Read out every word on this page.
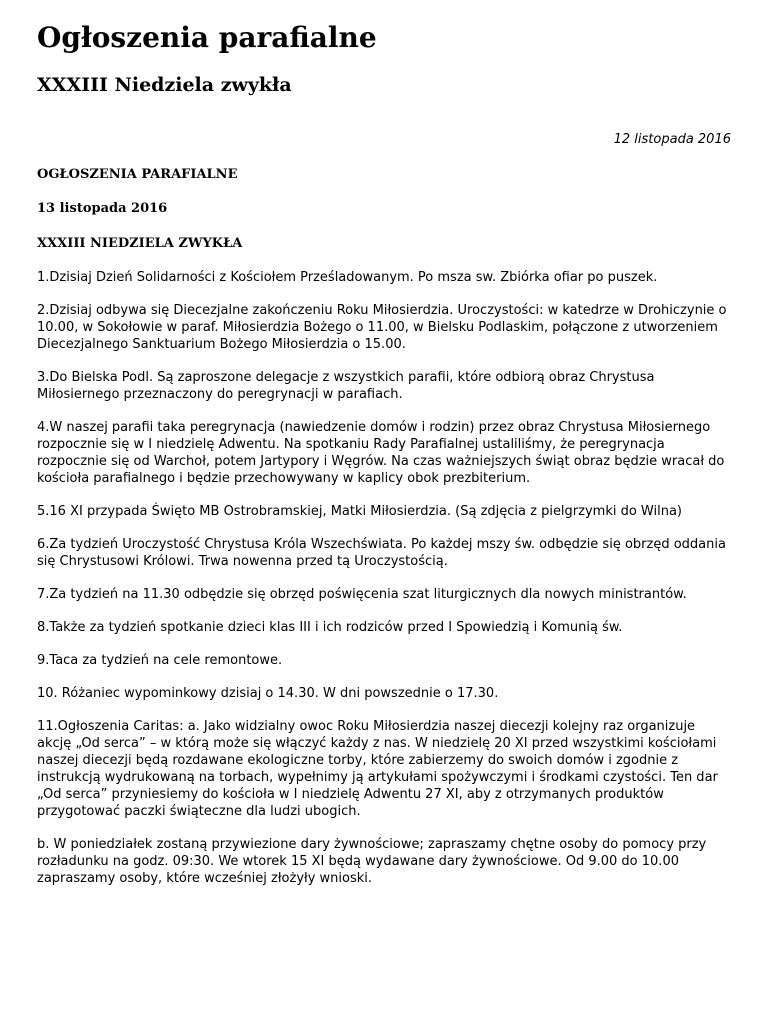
Ogłoszenia parafialne
XXXIII Niedziela zwykła
12 listopada 2016

OGŁOSZENIA PARAFIALNE

13 listopada 2016

XXXIII NIEDZIELA ZWYKŁA

1.Dzisiaj Dzień Solidarności z Kościołem Prześladowanym. Po msza sw. Zbiórka ofiar po puszek.

2.Dzisiaj odbywa się Diecezjalne zakończeniu Roku Miłosierdzia. Uroczystości: w katedrze w Drohiczynie o 10.00, w Sokołowie w paraf. Miłosierdzia Bożego o 11.00, w Bielsku Podlaskim, połączone z utworzeniem Diecezjalnego Sanktuarium Bożego Miłosierdzia o 15.00.

3.Do Bielska Podl. Są zaproszone delegacje z wszystkich parafii, które odbiorą obraz Chrystusa Miłosiernego przeznaczony do peregrynacji w parafiach.

4.W naszej parafii taka peregrynacja (nawiedzenie domów i rodzin) przez obraz Chrystusa Miłosiernego rozpocznie się w I niedzielę Adwentu. Na spotkaniu Rady Parafialnej ustaliliśmy, że peregrynacja rozpocznie się od Warchoł, potem Jartypory i Węgrów. Na czas ważniejszych świąt obraz będzie wracał do kościoła parafialnego i będzie przechowywany w kaplicy obok prezbiterium.

5.16 XI przypada Święto MB Ostrobramskiej, Matki Miłosierdzia. (Są zdjęcia z pielgrzymki do Wilna)

6.Za tydzień Uroczystość Chrystusa Króla Wszechświata. Po każdej mszy św. odbędzie się obrzęd oddania się Chrystusowi Królowi. Trwa nowenna przed tą Uroczystością.

7.Za tydzień na 11.30 odbędzie się obrzęd poświęcenia szat liturgicznych dla nowych ministrantów.

8.Także za tydzień spotkanie dzieci klas III i ich rodziców przed I Spowiedzią i Komunią św.

9.Taca za tydzień na cele remontowe.

10. Różaniec wypominkowy dzisiaj o 14.30. W dni powszednie o 17.30.

11.Ogłoszenia Caritas: a. Jako widzialny owoc Roku Miłosierdzia naszej diecezji kolejny raz organizuje akcję „Od serca” – w którą może się włączyć każdy z nas. W niedzielę 20 XI przed wszystkimi kościołami naszej diecezji będą rozdawane ekologiczne torby, które zabierzemy do swoich domów i zgodnie z instrukcją wydrukowaną na torbach, wypełnimy ją artykułami spożywczymi i środkami czystości. Ten dar „Od serca” przyniesiemy do kościoła w I niedzielę Adwentu 27 XI, aby z otrzymanych produktów przygotować paczki świąteczne dla ludzi ubogich.

b. W poniedziałek zostaną przywiezione dary żywnościowe; zapraszamy chętne osoby do pomocy przy rozładunku na godz. 09:30. We wtorek 15 XI będą wydawane dary żywnościowe. Od 9.00 do 10.00 zapraszamy osoby, które wcześniej złożyły wnioski.
